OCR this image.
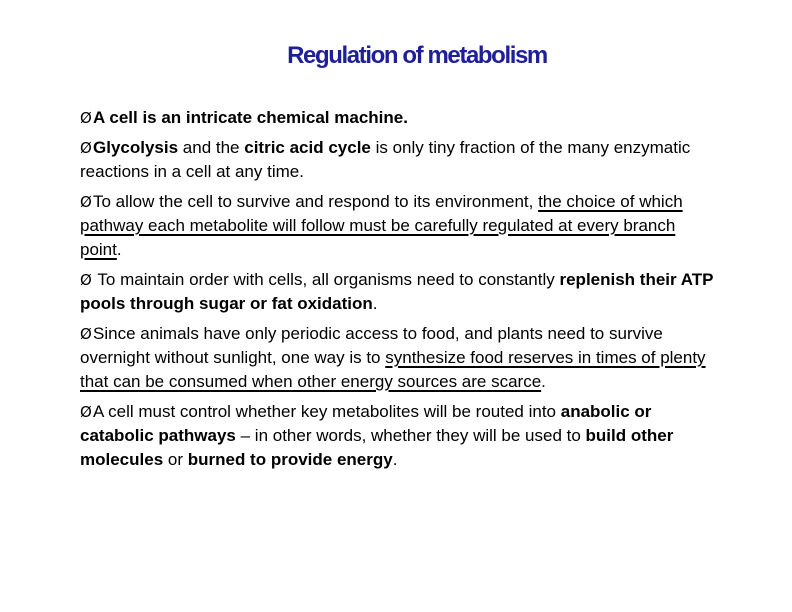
Regulation of metabolism
ØA cell is an intricate chemical machine.
ØGlycolysis and the citric acid cycle is only tiny fraction of the many enzymatic reactions in a cell at any time.
ØTo allow the cell to survive and respond to its environment, the choice of which pathway each metabolite will follow must be carefully regulated at every branch point.
Ø To maintain order with cells, all organisms need to constantly replenish their ATP pools through sugar or fat oxidation.
ØSince animals have only periodic access to food, and plants need to survive overnight without sunlight, one way is to synthesize food reserves in times of plenty that can be consumed when other energy sources are scarce.
ØA cell must control whether key metabolites will be routed into anabolic or catabolic pathways – in other words, whether they will be used to build other molecules or burned to provide energy.
